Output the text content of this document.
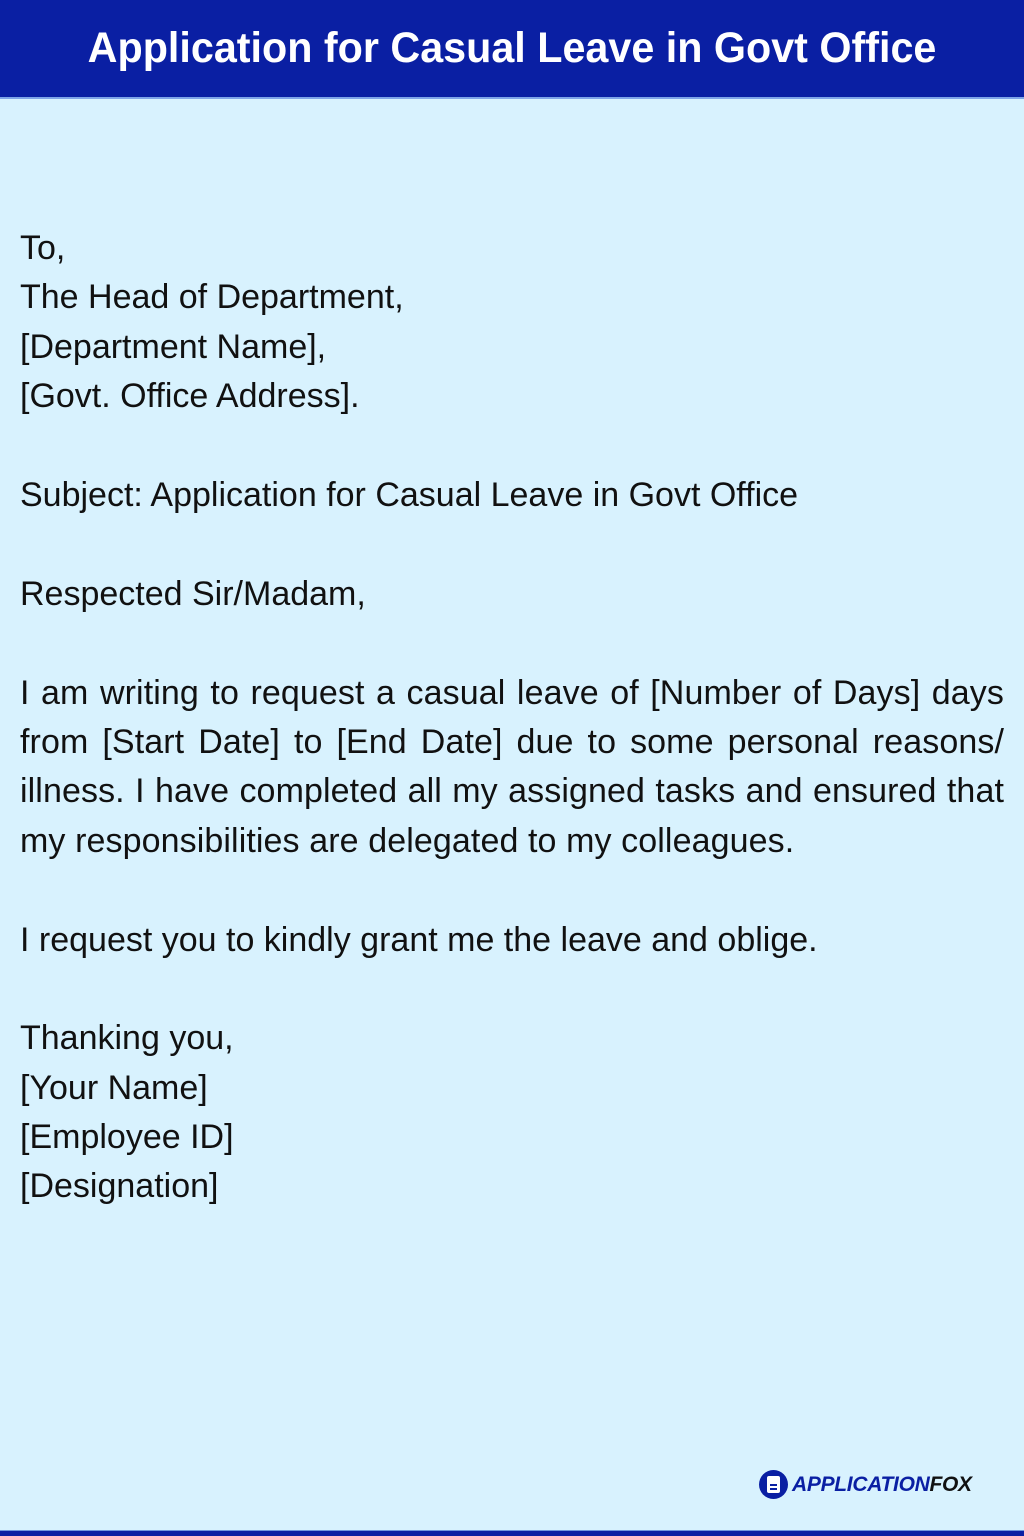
Application for Casual Leave in Govt Office
To,
The Head of Department,
[Department Name],
[Govt. Office Address].
Subject: Application for Casual Leave in Govt Office
Respected Sir/Madam,
I am writing to request a casual leave of [Number of Days] days from [Start Date] to [End Date] due to some personal reasons/ illness. I have completed all my assigned tasks and ensured that my responsibilities are delegated to my colleagues.
I request you to kindly grant me the leave and oblige.
Thanking you,
[Your Name]
[Employee ID]
[Designation]
APPLICATIONFOX
